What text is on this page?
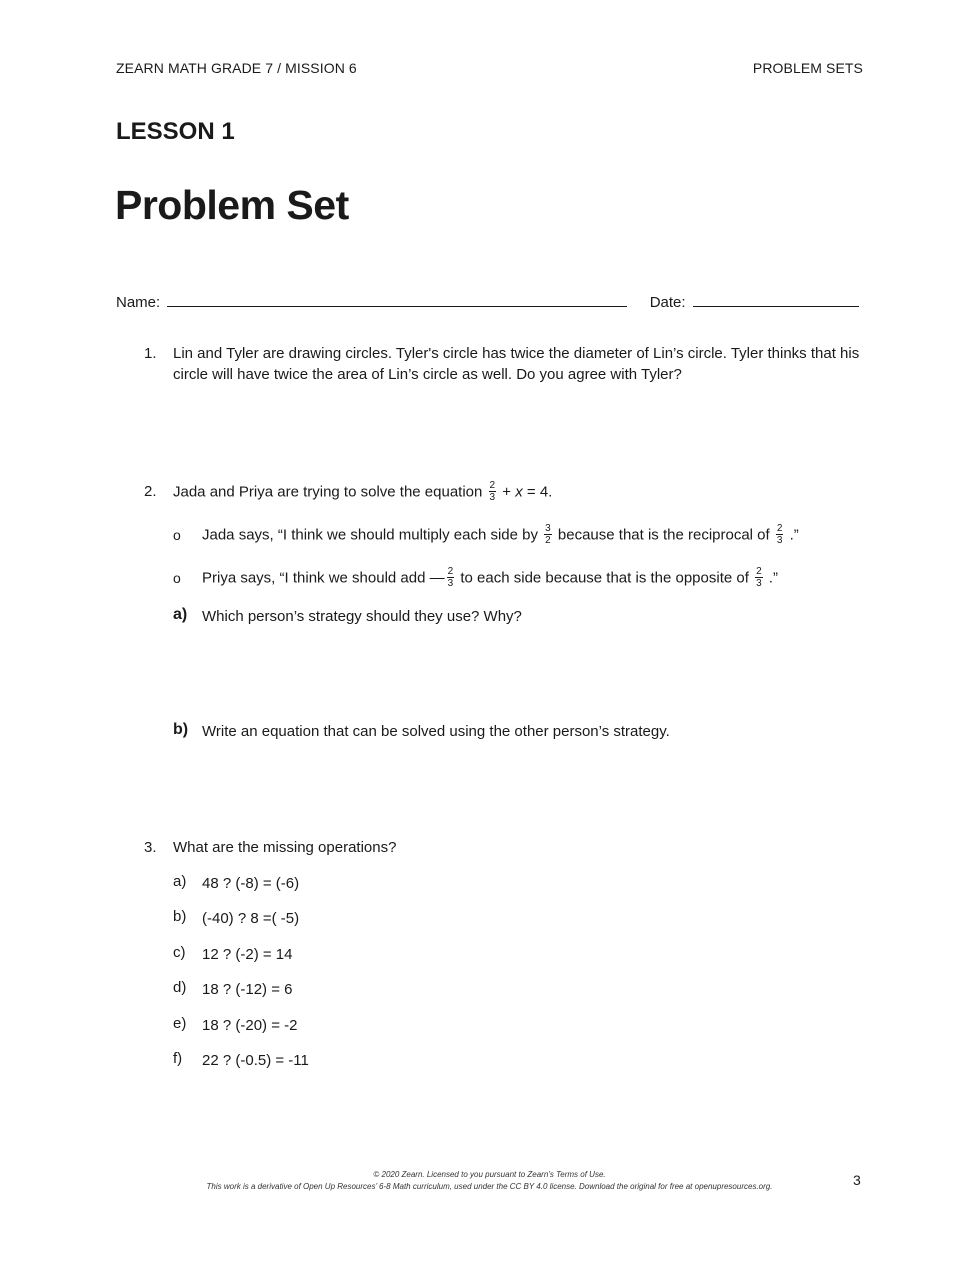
ZEARN MATH GRADE 7 / MISSION 6	PROBLEM SETS
LESSON 1
Problem Set
Name:	Date:
1. Lin and Tyler are drawing circles. Tyler's circle has twice the diameter of Lin’s circle. Tyler thinks that his circle will have twice the area of Lin’s circle as well. Do you agree with Tyler?
2. Jada and Priya are trying to solve the equation $\frac{2}{3} + x = 4$.
o Jada says, “I think we should multiply each side by $\frac{3}{2}$ because that is the reciprocal of $\frac{2}{3}$ .”
o Priya says, “I think we should add — $\frac{2}{3}$ to each side because that is the opposite of $\frac{2}{3}$ .”
a) Which person’s strategy should they use? Why?
b) Write an equation that can be solved using the other person’s strategy.
3. What are the missing operations?
a) 48 ? (-8) = (-6)
b) (-40) ? 8 =( -5)
c) 12 ? (-2) = 14
d) 18 ? (-12) = 6
e) 18 ? (-20) = -2
f) 22 ? (-0.5) = -11
© 2020 Zearn. Licensed to you pursuant to Zearn’s Terms of Use.
This work is a derivative of Open Up Resources’ 6-8 Math curriculum, used under the CC BY 4.0 license. Download the original for free at openupresources.org.	3
